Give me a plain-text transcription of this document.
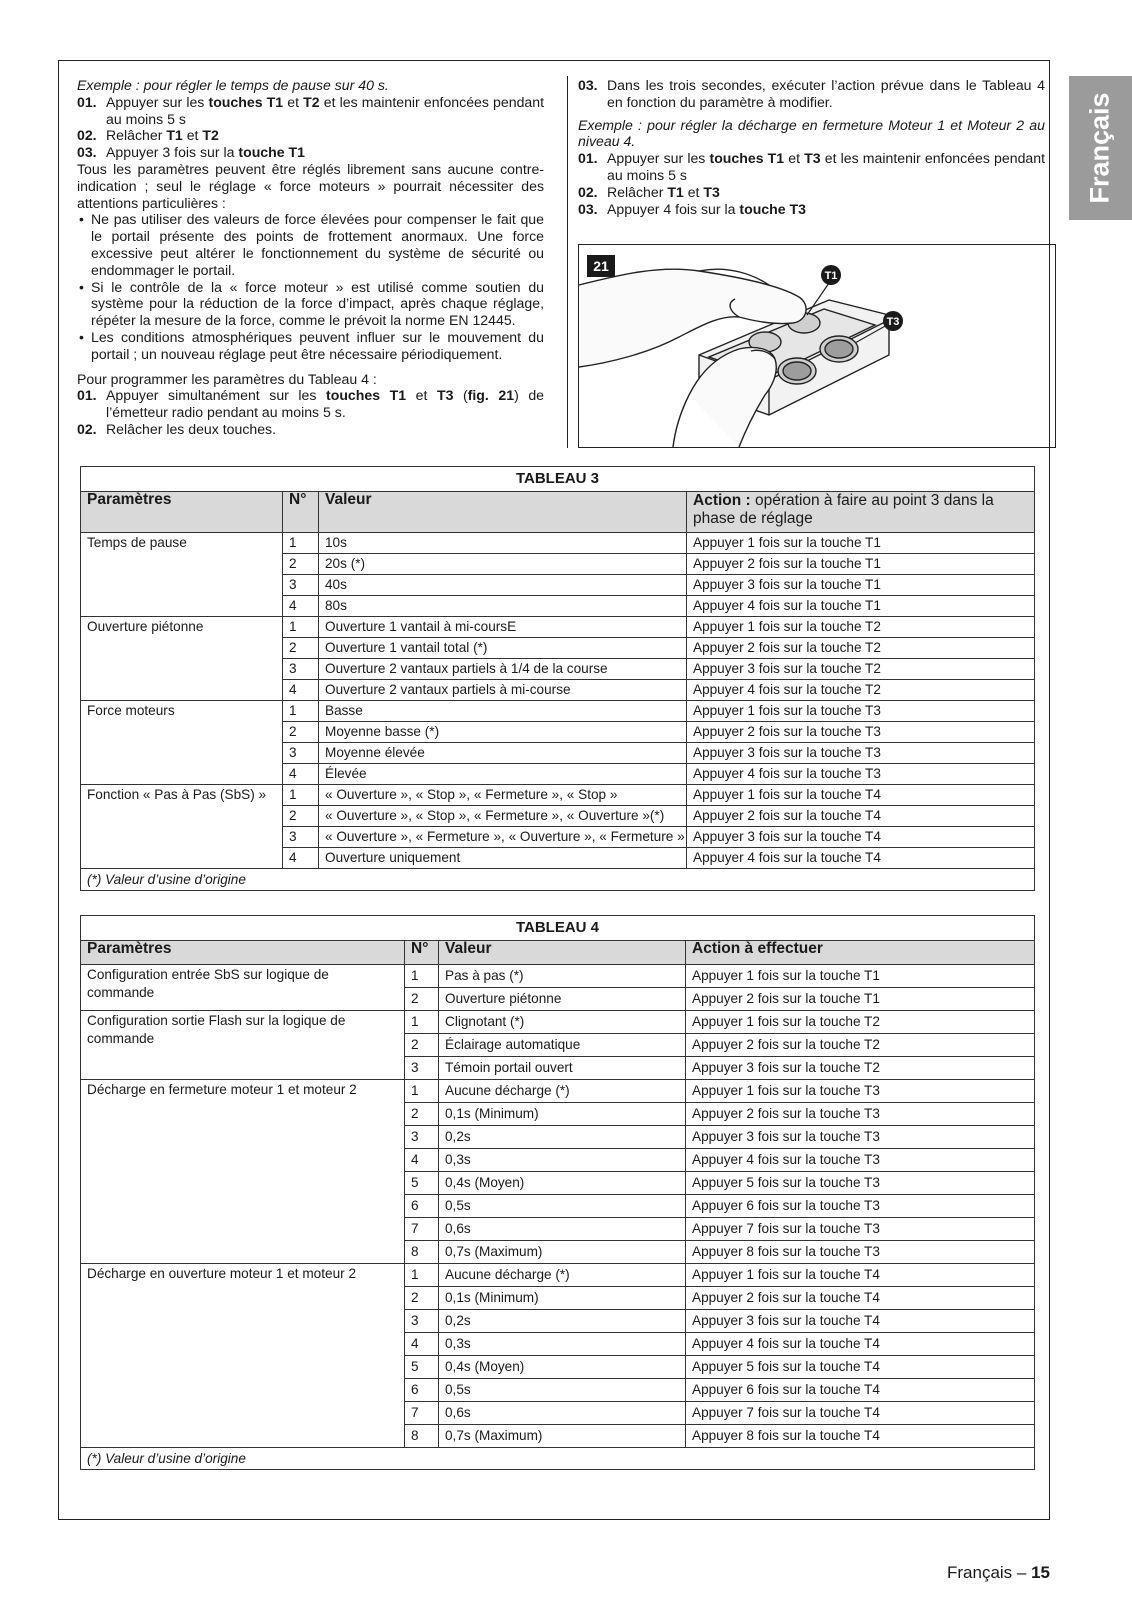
Français

Exemple : pour régler le temps de pause sur 40 s.

01. Appuyer sur les touches T1 et T2 et les maintenir enfoncées pendant au moins 5 s
02. Relâcher T1 et T2
03. Appuyer 3 fois sur la touche T1

Tous les paramètres peuvent être réglés librement sans aucune contre-indication ; seul le réglage « force moteurs » pourrait nécessiter des attentions particulières :

• Ne pas utiliser des valeurs de force élevées pour compenser le fait que le portail présente des points de frottement anormaux. Une force excessive peut altérer le fonctionnement du système de sécurité ou endommager le portail.
• Si le contrôle de la « force moteur » est utilisé comme soutien du système pour la réduction de la force d’impact, après chaque réglage, répéter la mesure de la force, comme le prévoit la norme EN 12445.
• Les conditions atmosphériques peuvent influer sur le mouvement du portail ; un nouveau réglage peut être nécessaire périodiquement.

Pour programmer les paramètres du Tableau 4 :

01. Appuyer simultanément sur les touches T1 et T3 (fig. 21) de l’émetteur radio pendant au moins 5 s.
02. Relâcher les deux touches.
03. Dans les trois secondes, exécuter l’action prévue dans le Tableau 4 en fonction du paramètre à modifier.

Exemple : pour régler la décharge en fermeture Moteur 1 et Moteur 2 au niveau 4.

01. Appuyer sur les touches T1 et T3 et les maintenir enfoncées pendant au moins 5 s
02. Relâcher T1 et T3
03. Appuyer 4 fois sur la touche T3
T1
T3
21
TABLEAU 3			
Paramètres	N°	Valeur	Action : opération à faire au point 3 dans la phase de réglage
Temps de pause	1	10s	Appuyer 1 fois sur la touche T1
	2	20s (*)	Appuyer 2 fois sur la touche T1
	3	40s	Appuyer 3 fois sur la touche T1
	4	80s	Appuyer 4 fois sur la touche T1
Ouverture piétonne	1	Ouverture 1 vantail à mi-coursE	Appuyer 1 fois sur la touche T2
	2	Ouverture 1 vantail total (*)	Appuyer 2 fois sur la touche T2
	3	Ouverture 2 vantaux partiels à 1/4 de la course	Appuyer 3 fois sur la touche T2
	4	Ouverture 2 vantaux partiels à mi-course	Appuyer 4 fois sur la touche T2
Force moteurs	1	Basse	Appuyer 1 fois sur la touche T3
	2	Moyenne basse (*)	Appuyer 2 fois sur la touche T3
	3	Moyenne élevée	Appuyer 3 fois sur la touche T3
	4	Élevée	Appuyer 4 fois sur la touche T3
Fonction « Pas à Pas (SbS) »	1	« Ouverture », « Stop », « Fermeture », « Stop »	Appuyer 1 fois sur la touche T4
	2	« Ouverture », « Stop », « Fermeture », « Ouverture »(*)	Appuyer 2 fois sur la touche T4
	3	« Ouverture », « Fermeture », « Ouverture », « Fermeture »	Appuyer 3 fois sur la touche T4
	4	Ouverture uniquement	Appuyer 4 fois sur la touche T4
(*) Valeur d’usine d’origine			
TABLEAU 4			
Paramètres	N°	Valeur	Action à effectuer
Configuration entrée SbS sur logique de commande	1	Pas à pas (*)	Appuyer 1 fois sur la touche T1
	2	Ouverture piétonne	Appuyer 2 fois sur la touche T1
Configuration sortie Flash sur la logique de commande	1	Clignotant (*)	Appuyer 1 fois sur la touche T2
	2	Éclairage automatique	Appuyer 2 fois sur la touche T2
	3	Témoin portail ouvert	Appuyer 3 fois sur la touche T2
Décharge en fermeture moteur 1 et moteur 2	1	Aucune décharge (*)	Appuyer 1 fois sur la touche T3
	2	0,1s (Minimum)	Appuyer 2 fois sur la touche T3
	3	0,2s	Appuyer 3 fois sur la touche T3
	4	0,3s	Appuyer 4 fois sur la touche T3
	5	0,4s (Moyen)	Appuyer 5 fois sur la touche T3
	6	0,5s	Appuyer 6 fois sur la touche T3
	7	0,6s	Appuyer 7 fois sur la touche T3
	8	0,7s (Maximum)	Appuyer 8 fois sur la touche T3
Décharge en ouverture moteur 1 et moteur 2	1	Aucune décharge (*)	Appuyer 1 fois sur la touche T4
	2	0,1s (Minimum)	Appuyer 2 fois sur la touche T4
	3	0,2s	Appuyer 3 fois sur la touche T4
	4	0,3s	Appuyer 4 fois sur la touche T4
	5	0,4s (Moyen)	Appuyer 5 fois sur la touche T4
	6	0,5s	Appuyer 6 fois sur la touche T4
	7	0,6s	Appuyer 7 fois sur la touche T4
	8	0,7s (Maximum)	Appuyer 8 fois sur la touche T4
(*) Valeur d’usine d’origine			
Français – 15
